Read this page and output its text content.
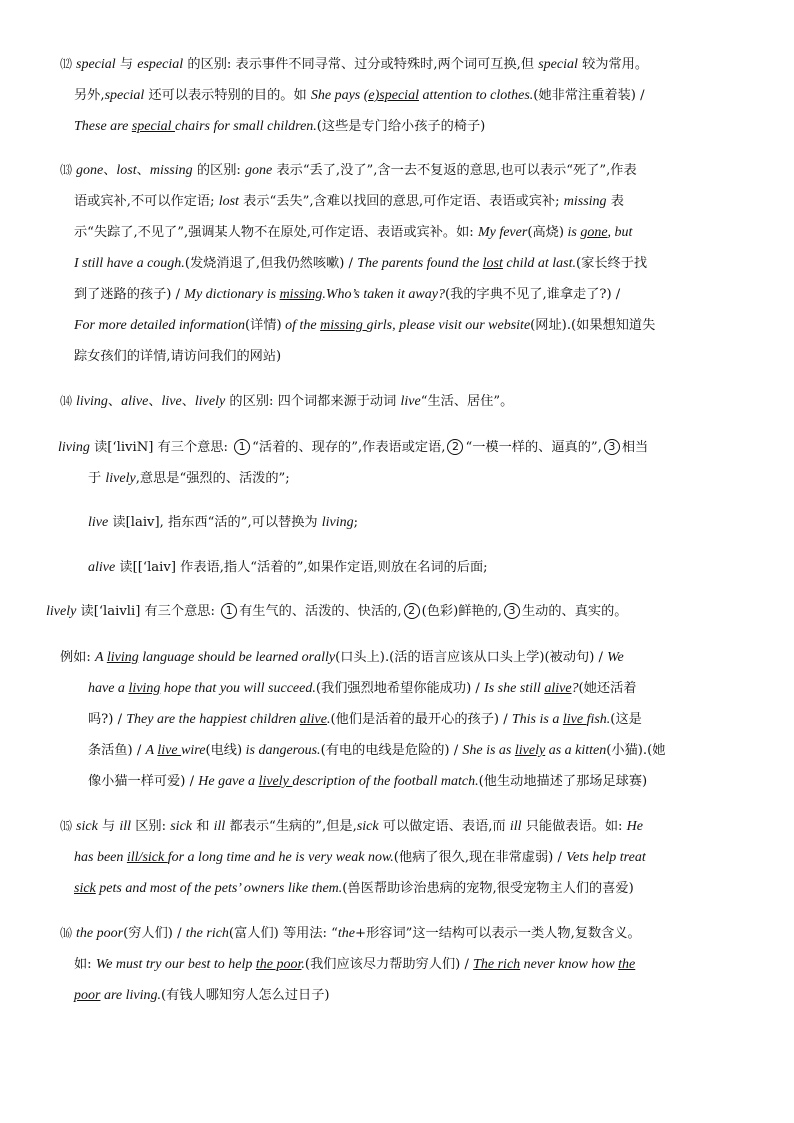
⑿ special 与 especial 的区别: 表示事件不同寻常、过分或特殊时,两个词可互换,但 special 较为常用。
另外,special 还可以表示特别的目的。如 She pays (e)special attention to clothes.(她非常注重着装) /
These are special chairs for small children.(这些是专门给小孩子的椅子)
⒀ gone、lost、missing 的区别: gone 表示“丢了,没了”,含一去不复返的意思,也可以表示“死了”,作表
语或宾补,不可以作定语; lost 表示“丢失”,含难以找回的意思,可作定语、表语或宾补; missing 表
示“失踪了,不见了”,强调某人物不在原处,可作定语、表语或宾补。如: My fever(高烧) is gone, but
I still have a cough.(发烧消退了,但我仍然咳嗽) / The parents found the lost child at last.(家长终于找
到了迷路的孩子) / My dictionary is missing.Who’s taken it away?(我的字典不见了,谁拿走了?) /
For more detailed information(详情) of the missing girls, please visit our website(网址).(如果想知道失
踪女孩们的详情,请访问我们的网站)
⒁ living、alive、live、lively 的区别: 四个词都来源于动词 live“生活、居住”。
living 读[‘liviN] 有三个意思: 1 “活着的、现存的”,作表语或定语, 2 “一模一样的、逼真的”, 3 相当
于 lively,意思是“强烈的、活泼的”;
live 读[laiv], 指东西“活的”,可以替换为 living;
alive 读[[‘laiv] 作表语,指人“活着的”,如果作定语,则放在名词的后面;
lively 读[‘laivli] 有三个意思: 1 有生气的、活泼的、快活的, 2 (色彩)鲜艳的, 3 生动的、真实的。
例如: A living language should be learned orally(口头上).(活的语言应该从口头上学)(被动句) / We
have a living hope that you will succeed.(我们强烈地希望你能成功) / Is she still alive?(她还活着
吗?) / They are the happiest children alive.(他们是活着的最开心的孩子) / This is a live fish.(这是
条活鱼) / A live wire(电线) is dangerous.(有电的电线是危险的) / She is as lively as a kitten(小猫).(她
像小猫一样可爱) / He gave a lively description of the football match.(他生动地描述了那场足球赛)
⒂ sick 与 ill 区别: sick 和 ill 都表示“生病的”,但是,sick 可以做定语、表语,而 ill 只能做表语。如: He
has been ill/sick for a long time and he is very weak now.(他病了很久,现在非常虚弱) / Vets help treat
sick pets and most of the pets’ owners like them.(兽医帮助诊治患病的宠物,很受宠物主人们的喜爱)
⒃ the poor(穷人们) / the rich(富人们) 等用法: “the+形容词”这一结构可以表示一类人物,复数含义。
如: We must try our best to help the poor.(我们应该尽力帮助穷人们) / The rich never know how the
poor are living.(有钱人哪知穷人怎么过日子)
